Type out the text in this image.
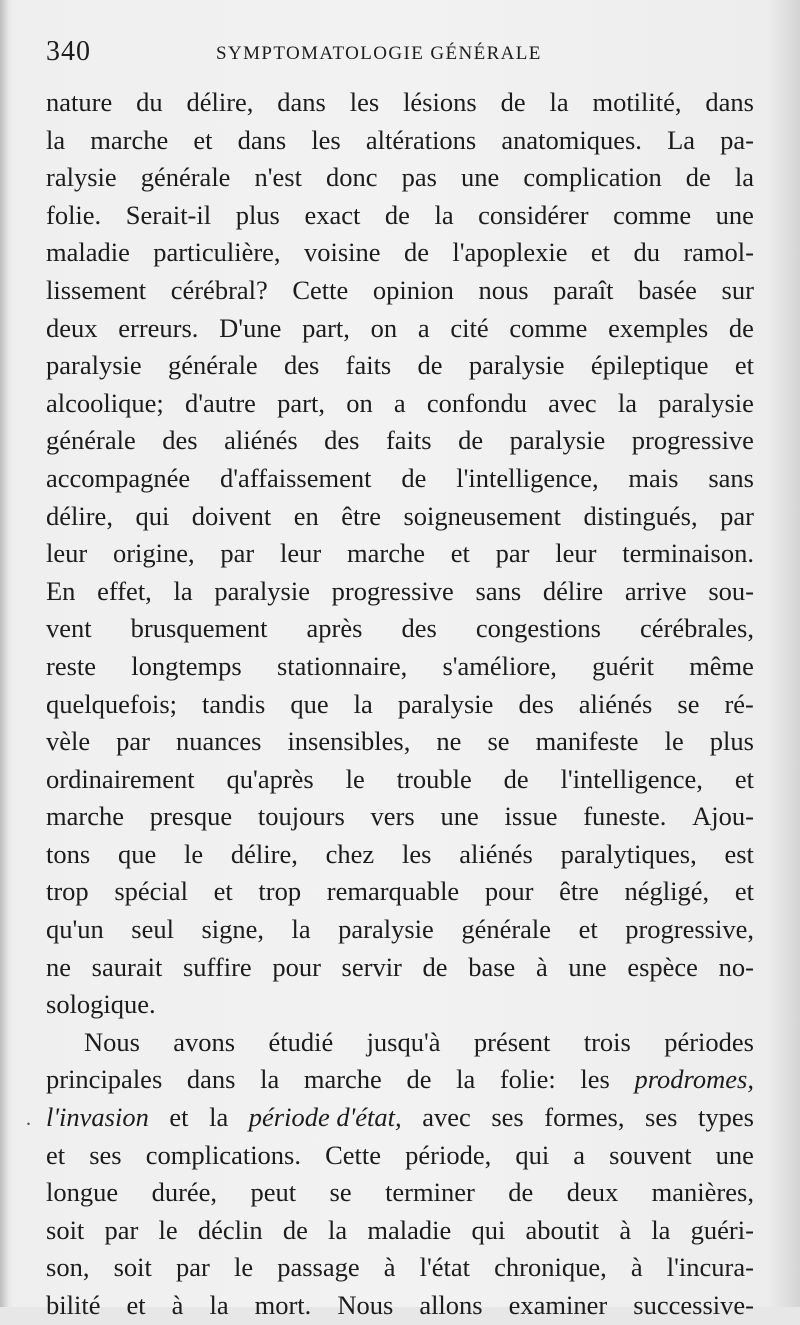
340	SYMPTOMATOLOGIE GÉNÉRALE
nature du délire, dans les lésions de la motilité, dans
la marche et dans les altérations anatomiques. La pa-
ralysie générale n'est donc pas une complication de la
folie. Serait-il plus exact de la considérer comme une
maladie particulière, voisine de l'apoplexie et du ramol-
lissement cérébral? Cette opinion nous paraît basée sur
deux erreurs. D'une part, on a cité comme exemples de
paralysie générale des faits de paralysie épileptique et
alcoolique; d'autre part, on a confondu avec la paralysie
générale des aliénés des faits de paralysie progressive
accompagnée d'affaissement de l'intelligence, mais sans
délire, qui doivent en être soigneusement distingués, par
leur origine, par leur marche et par leur terminaison.
En effet, la paralysie progressive sans délire arrive sou-
vent brusquement après des congestions cérébrales,
reste longtemps stationnaire, s'améliore, guérit même
quelquefois; tandis que la paralysie des aliénés se ré-
vèle par nuances insensibles, ne se manifeste le plus
ordinairement qu'après le trouble de l'intelligence, et
marche presque toujours vers une issue funeste. Ajou-
tons que le délire, chez les aliénés paralytiques, est
trop spécial et trop remarquable pour être négligé, et
qu'un seul signe, la paralysie générale et progressive,
ne saurait suffire pour servir de base à une espèce no-
sologique.
Nous avons étudié jusqu'à présent trois périodes
principales dans la marche de la folie: les prodromes,
l'invasion et la période d'état, avec ses formes, ses types
et ses complications. Cette période, qui a souvent une
longue durée, peut se terminer de deux manières,
soit par le déclin de la maladie qui aboutit à la guéri-
son, soit par le passage à l'état chronique, à l'incura-
bilité et à la mort. Nous allons examiner successive-
.
